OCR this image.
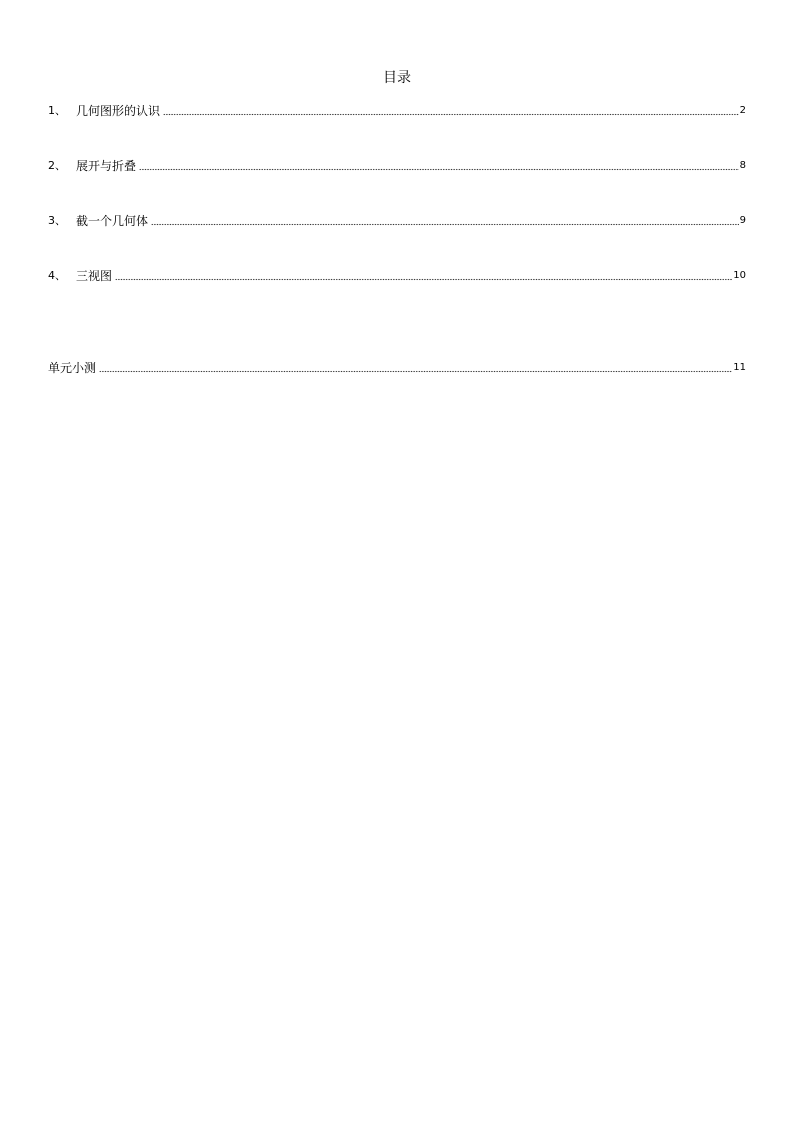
目录
1、 几何图形的认识	2
2、 展开与折叠	8
3、 截一个几何体	9
4、 三视图	10
单元小测	11
